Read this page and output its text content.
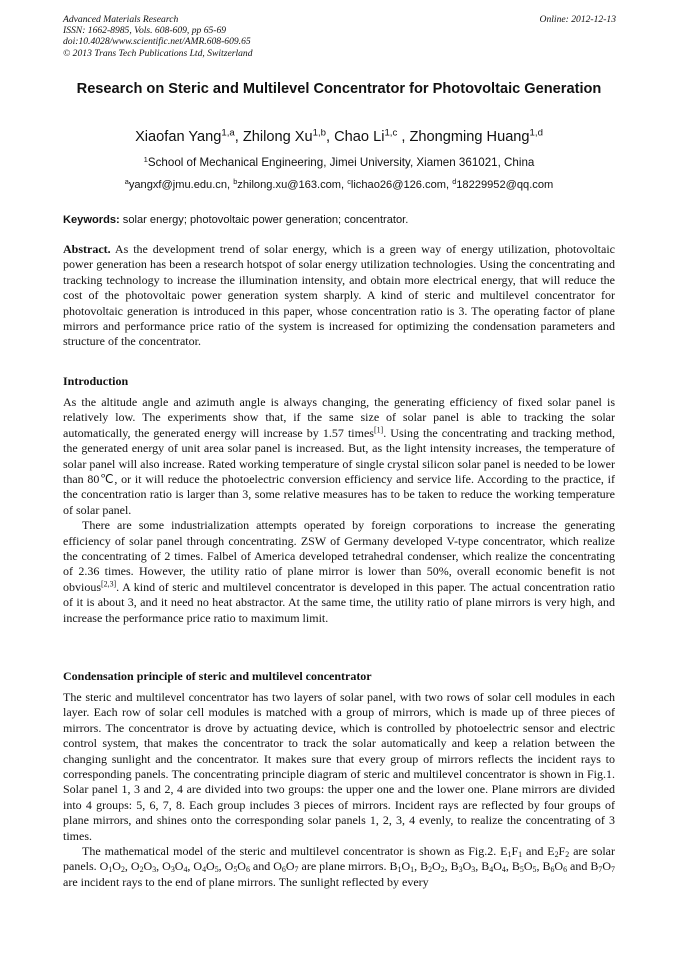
Advanced Materials Research
ISSN: 1662-8985, Vols. 608-609, pp 65-69
doi:10.4028/www.scientific.net/AMR.608-609.65
© 2013 Trans Tech Publications Ltd, Switzerland
Online: 2012-12-13
Research on Steric and Multilevel Concentrator for Photovoltaic Generation
Xiaofan Yang$^{1,a}$, Zhilong Xu$^{1,b}$, Chao Li$^{1,c}$ , Zhongming Huang$^{1,d}$
$^1$School of Mechanical Engineering, Jimei University, Xiamen 361021, China
$^a$yangxf@jmu.edu.cn, $^b$zhilong.xu@163.com, $^c$lichao26@126.com, $^d$18229952@qq.com
Keywords: solar energy; photovoltaic power generation; concentrator.
Abstract. As the development trend of solar energy, which is a green way of energy utilization, photovoltaic power generation has been a research hotspot of solar energy utilization technologies. Using the concentrating and tracking technology to increase the illumination intensity, and obtain more electrical energy, that will reduce the cost of the photovoltaic power generation system sharply. A kind of steric and multilevel concentrator for photovoltaic generation is introduced in this paper, whose concentration ratio is 3. The operating factor of plane mirrors and performance price ratio of the system is increased for optimizing the condensation parameters and structure of the concentrator.
Introduction

As the altitude angle and azimuth angle is always changing, the generating efficiency of fixed solar panel is relatively low. The experiments show that, if the same size of solar panel is able to tracking the solar automatically, the generated energy will increase by 1.57 times[1]. Using the concentrating and tracking method, the generated energy of unit area solar panel is increased. But, as the light intensity increases, the temperature of solar panel will also increase. Rated working temperature of single crystal silicon solar panel is needed to be lower than 80℃, or it will reduce the photoelectric conversion efficiency and service life. According to the practice, if the concentration ratio is larger than 3, some relative measures has to be taken to reduce the working temperature of solar panel.

There are some industrialization attempts operated by foreign corporations to increase the generating efficiency of solar panel through concentrating. ZSW of Germany developed V-type concentrator, which realize the concentrating of 2 times. Falbel of America developed tetrahedral condenser, which realize the concentrating of 2.36 times. However, the utility ratio of plane mirror is lower than 50%, overall economic benefit is not obvious[2,3]. A kind of steric and multilevel concentrator is developed in this paper. The actual concentration ratio of it is about 3, and it need no heat abstractor. At the same time, the utility ratio of plane mirrors is very high, and increase the performance price ratio to maximum limit.

Condensation principle of steric and multilevel concentrator

The steric and multilevel concentrator has two layers of solar panel, with two rows of solar cell modules in each layer. Each row of solar cell modules is matched with a group of mirrors, which is made up of three pieces of mirrors. The concentrator is drove by actuating device, which is controlled by photoelectric sensor and electric control system, that makes the concentrator to track the solar automatically and keep a relation between the changing sunlight and the concentrator. It makes sure that every group of mirrors reflects the incident rays to corresponding panels. The concentrating principle diagram of steric and multilevel concentrator is shown in Fig.1. Solar panel 1, 3 and 2, 4 are divided into two groups: the upper one and the lower one. Plane mirrors are divided into 4 groups: 5, 6, 7, 8. Each group includes 3 pieces of mirrors. Incident rays are reflected by four groups of plane mirrors, and shines onto the corresponding solar panels 1, 2, 3, 4 evenly, to realize the concentrating of 3 times.

The mathematical model of the steric and multilevel concentrator is shown as Fig.2. $E_1F_1$ and $E_2F_2$ are solar panels. $O_1O_2$, $O_2O_3$, $O_3O_4$, $O_4O_5$, $O_5O_6$ and $O_6O_7$ are plane mirrors. $B_1O_1$, $B_2O_2$, $B_3O_3$, $B_4O_4$, $B_5O_5$, $B_6O_6$ and $B_7O_7$ are incident rays to the end of plane mirrors. The sunlight reflected by every
